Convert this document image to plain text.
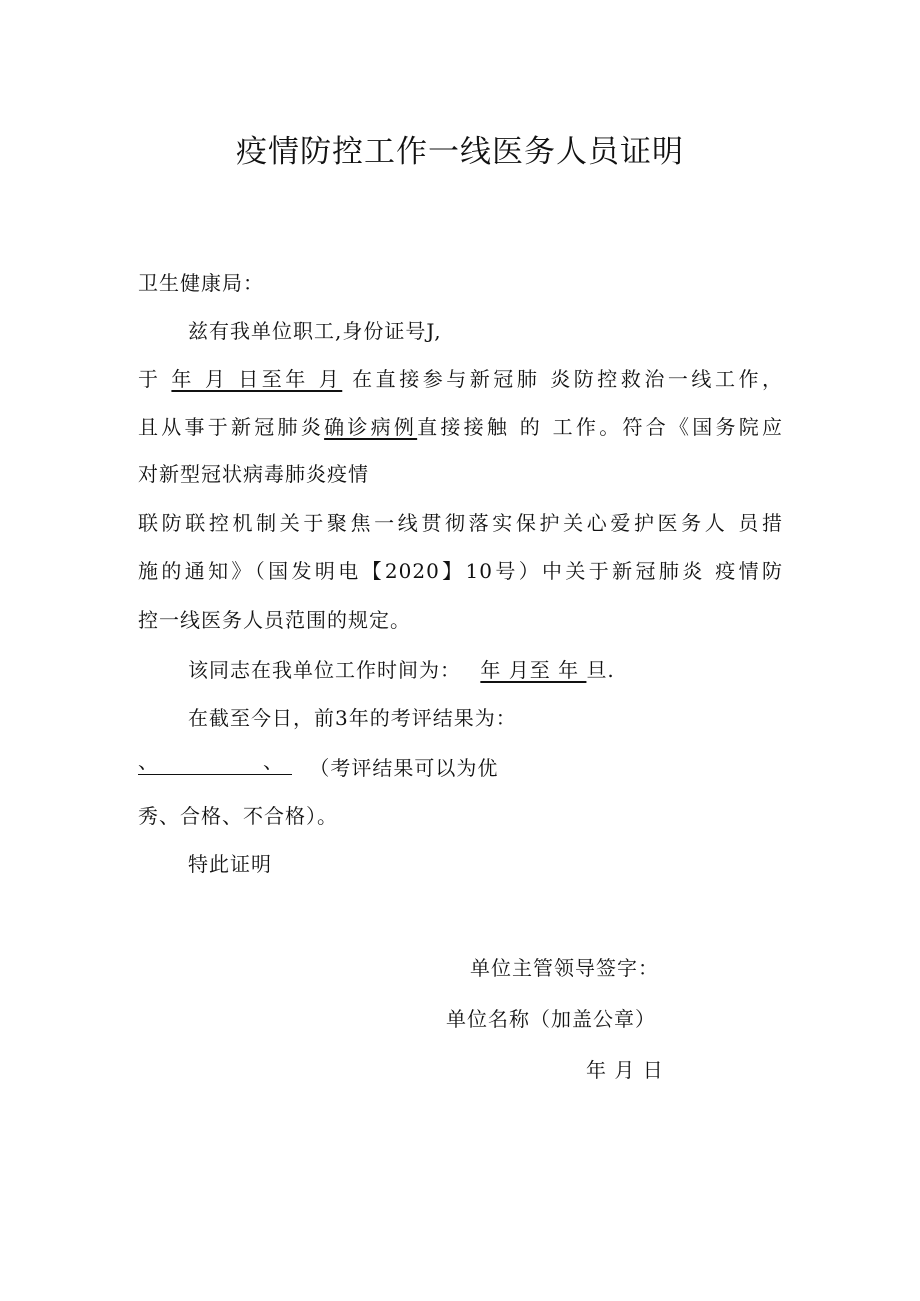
疫情防控工作一线医务人员证明
卫生健康局：
兹有我单位职工,身份证号J,
于 年 月 日至年 月 在直接参与新冠肺 炎防控救治一线工作，
且从事于新冠肺炎确诊病例直接接触 的 工作。符合《国务院应
对新型冠状病毒肺炎疫情
联防联控机制关于聚焦一线贯彻落实保护关心爱护医务人 员措
施的通知》（国发明电【2020】10号）中关于新冠肺炎 疫情防
控一线医务人员范围的规定。
该同志在我单位工作时间为： 年 月至 年 旦.
在截至今日，前3年的考评结果为：
、	、 （考评结果可以为优
秀、合格、不合格）。
特此证明
单位主管领导签字：
单位名称（加盖公章）
年 月 日
